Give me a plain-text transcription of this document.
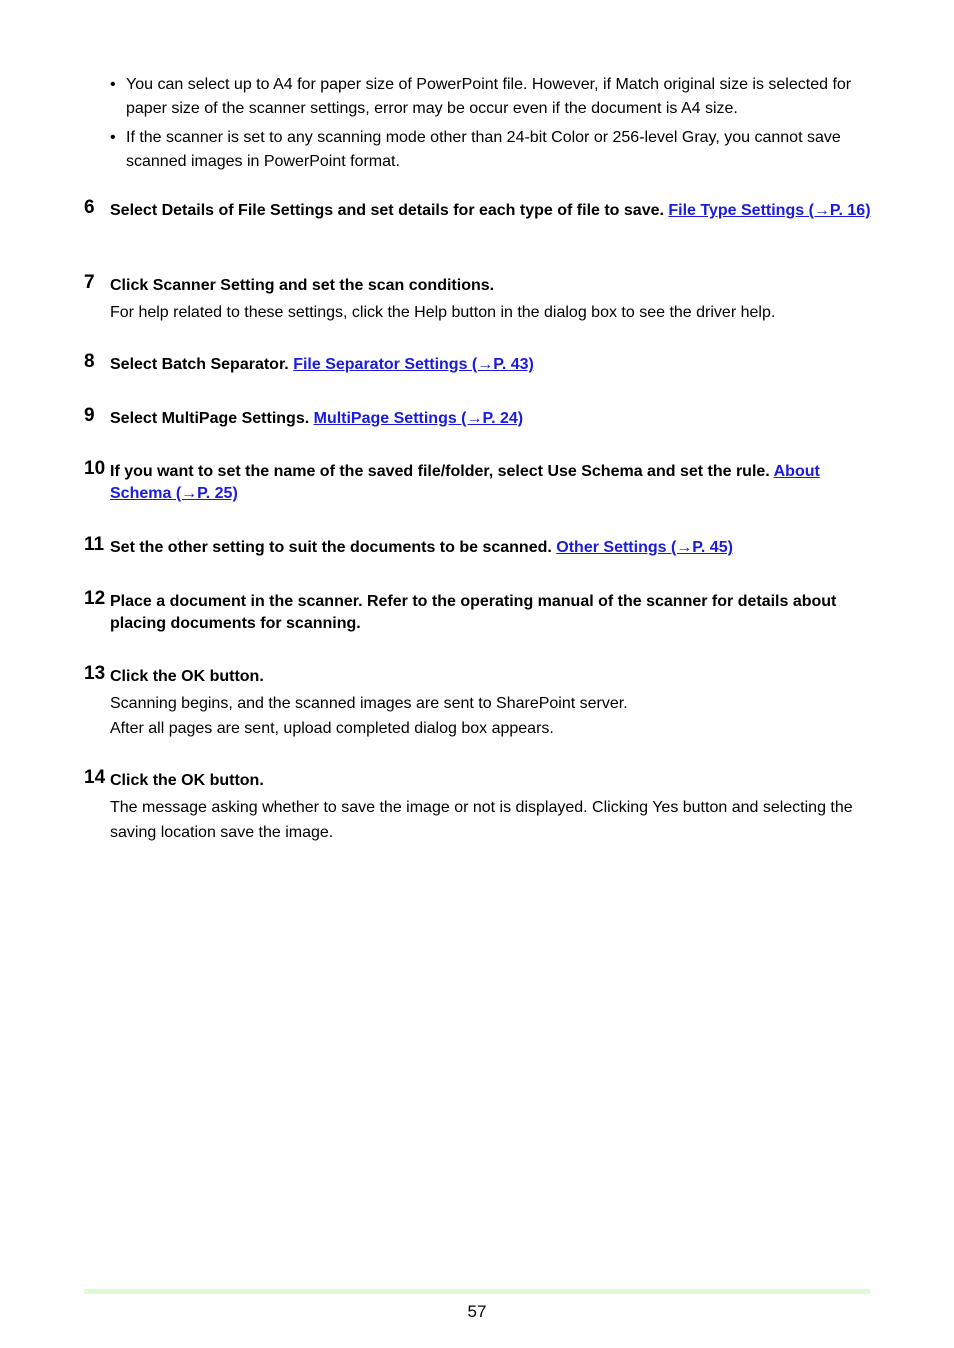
• You can select up to A4 for paper size of PowerPoint file. However, if Match original size is selected for paper size of the scanner settings, error may be occur even if the document is A4 size.
• If the scanner is set to any scanning mode other than 24-bit Color or 256-level Gray, you cannot save scanned images in PowerPoint format.
6 Select Details of File Settings and set details for each type of file to save. File Type Settings (→P. 16)
7 Click Scanner Setting and set the scan conditions.
For help related to these settings, click the Help button in the dialog box to see the driver help.
8 Select Batch Separator. File Separator Settings (→P. 43)
9 Select MultiPage Settings. MultiPage Settings (→P. 24)
10 If you want to set the name of the saved file/folder, select Use Schema and set the rule. About Schema (→P. 25)
11 Set the other setting to suit the documents to be scanned. Other Settings (→P. 45)
12 Place a document in the scanner. Refer to the operating manual of the scanner for details about placing documents for scanning.
13 Click the OK button.
Scanning begins, and the scanned images are sent to SharePoint server.
After all pages are sent, upload completed dialog box appears.
14 Click the OK button.
The message asking whether to save the image or not is displayed. Clicking Yes button and selecting the saving location save the image.
57
